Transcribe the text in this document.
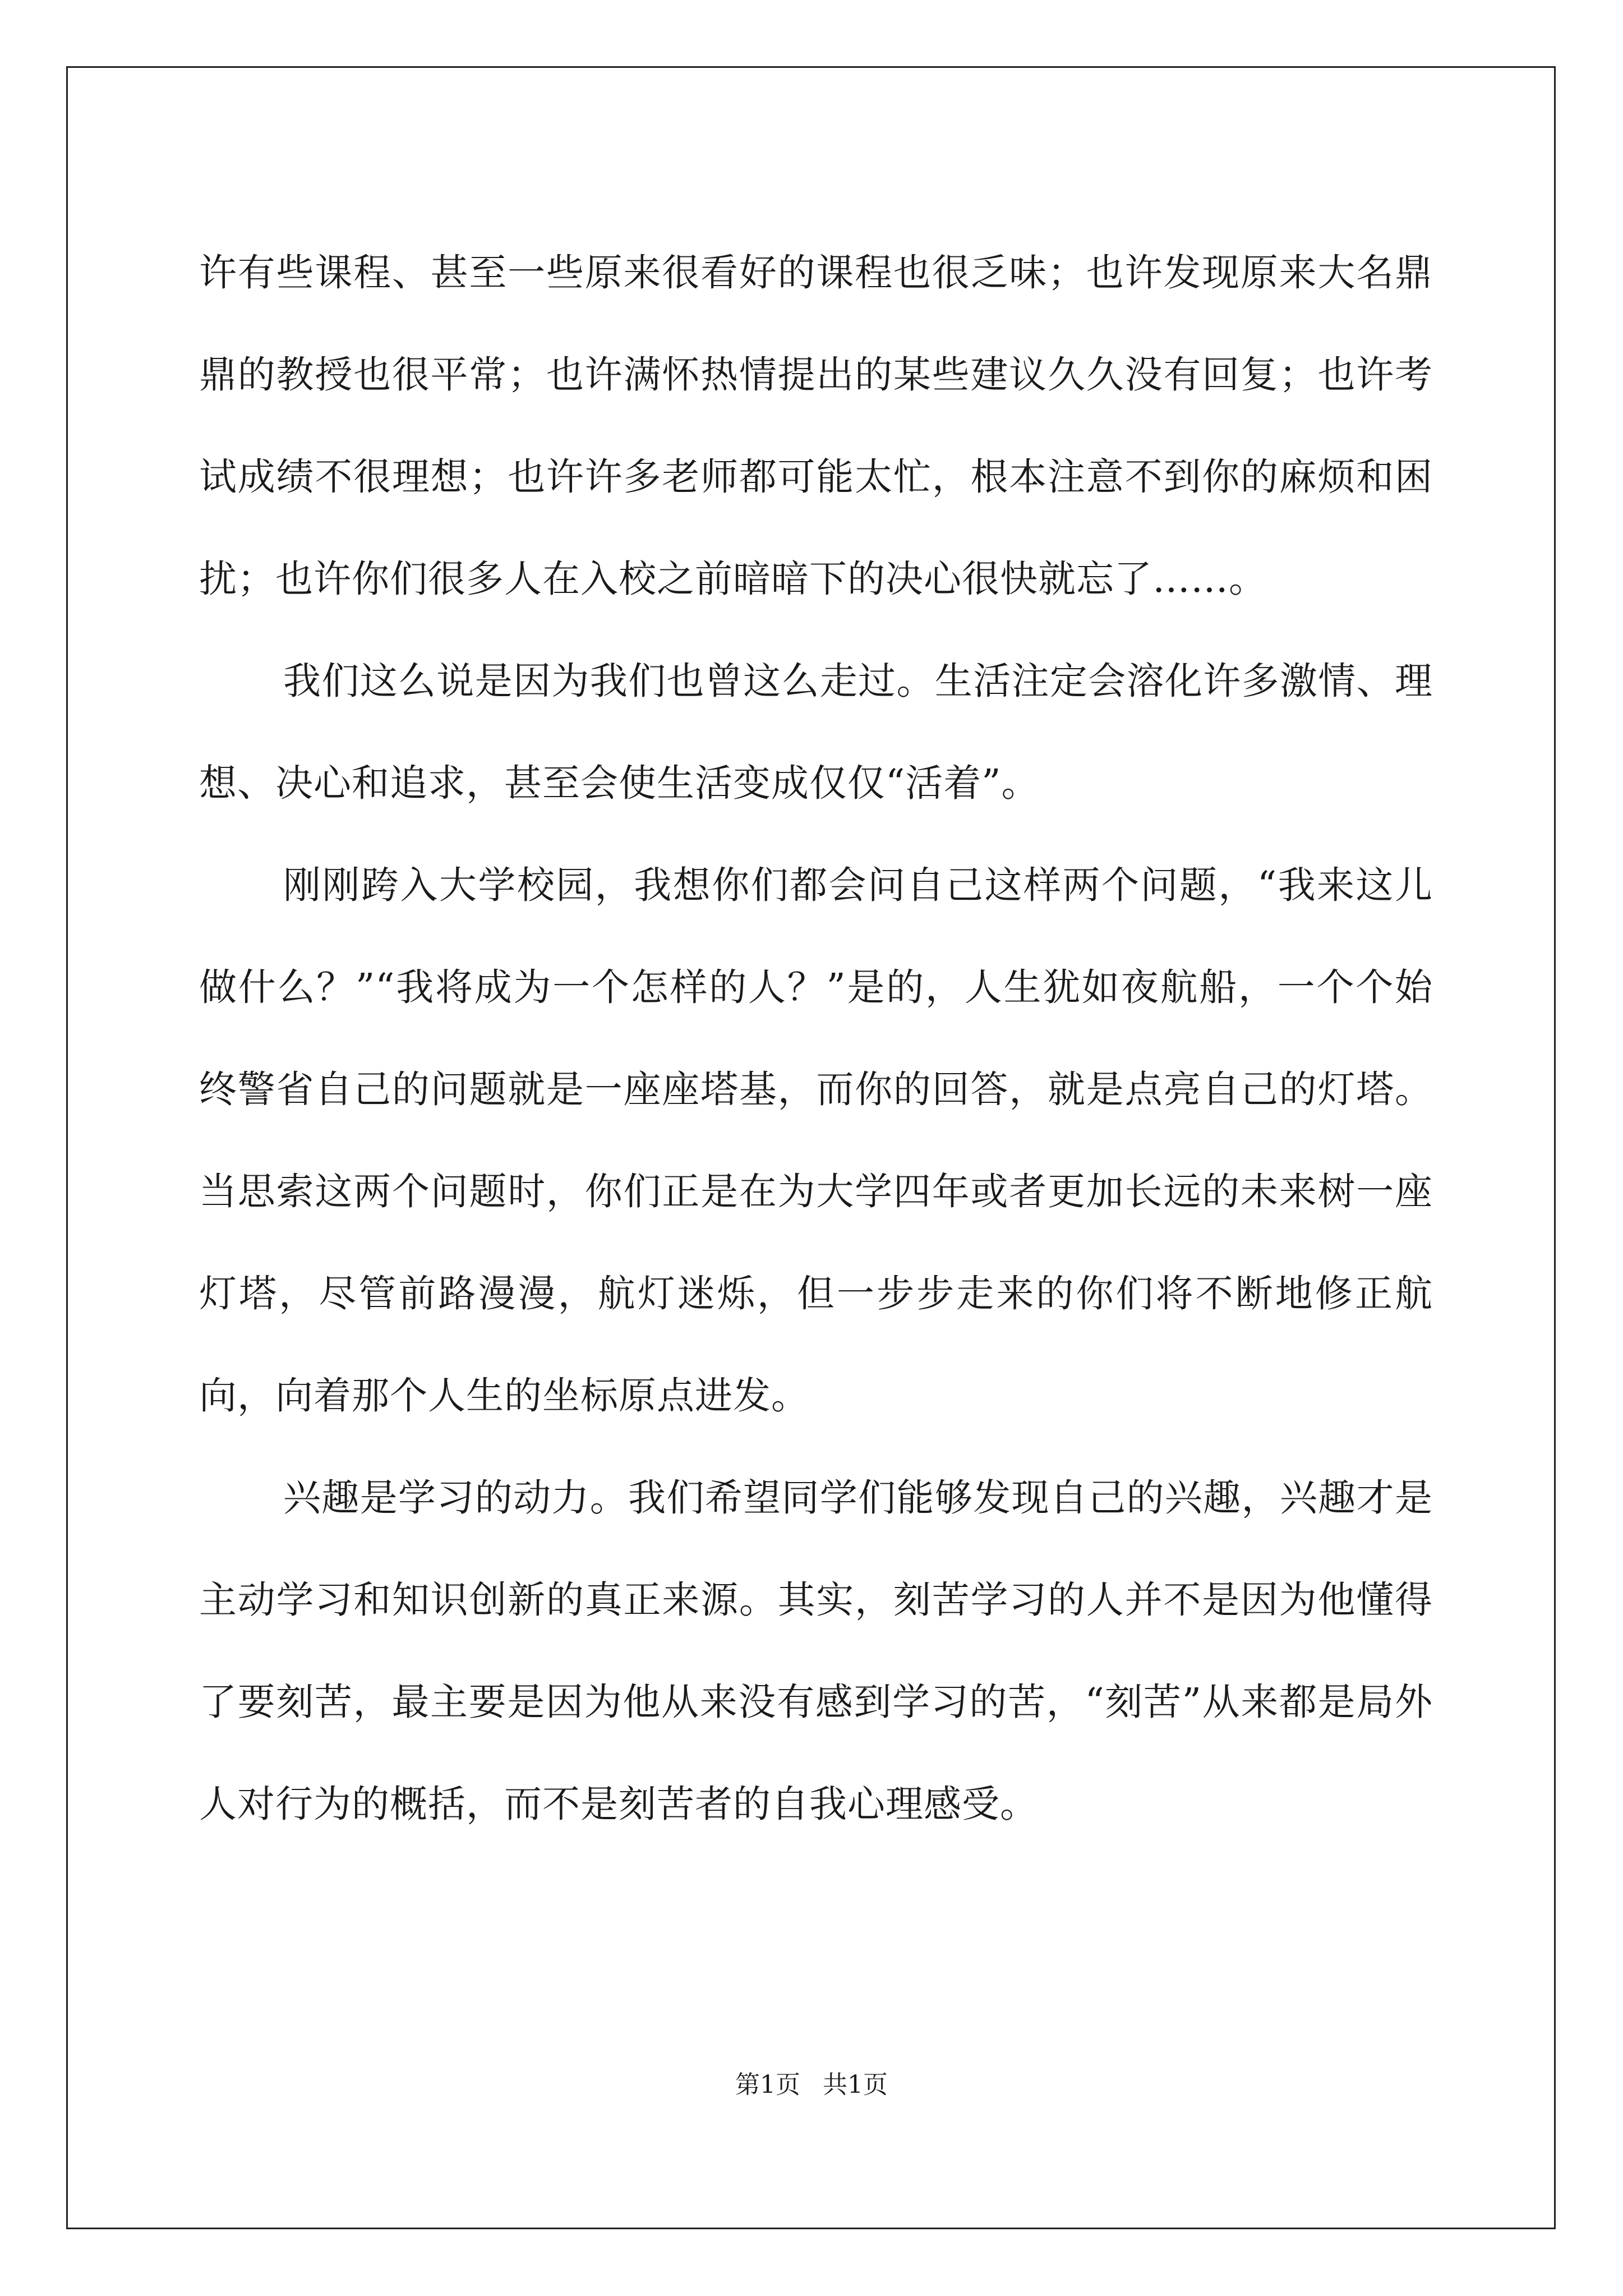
许有些课程、甚至一些原来很看好的课程也很乏味；也许发现原来大名鼎鼎的教授也很平常；也许满怀热情提出的某些建议久久没有回复；也许考试成绩不很理想；也许许多老师都可能太忙，根本注意不到你的麻烦和困扰；也许你们很多人在入校之前暗暗下的决心很快就忘了……。

我们这么说是因为我们也曾这么走过。生活注定会溶化许多激情、理想、决心和追求，甚至会使生活变成仅仅“活着”。

刚刚跨入大学校园，我想你们都会问自己这样两个问题，“我来这儿做什么？”“我将成为一个怎样的人？”是的，人生犹如夜航船，一个个始终警省自己的问题就是一座座塔基，而你的回答，就是点亮自己的灯塔。当思索这两个问题时，你们正是在为大学四年或者更加长远的未来树一座灯塔，尽管前路漫漫，航灯迷烁，但一步步走来的你们将不断地修正航向，向着那个人生的坐标原点进发。

兴趣是学习的动力。我们希望同学们能够发现自己的兴趣，兴趣才是主动学习和知识创新的真正来源。其实，刻苦学习的人并不是因为他懂得了要刻苦，最主要是因为他从来没有感到学习的苦，“刻苦”从来都是局外人对行为的概括，而不是刻苦者的自我心理感受。

第1页 共1页
